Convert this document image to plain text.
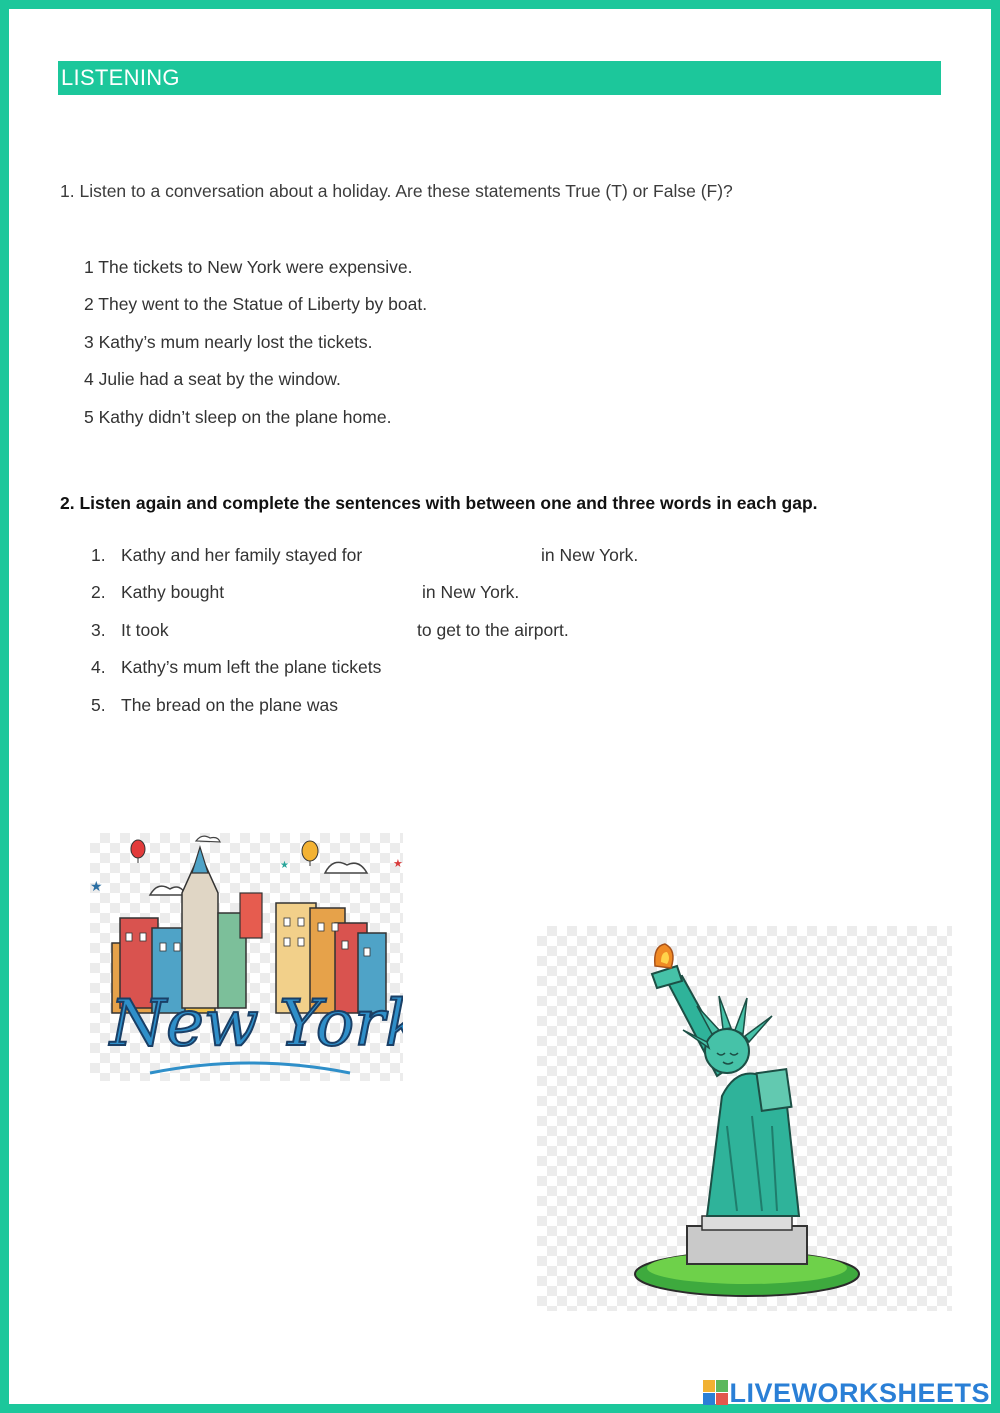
LISTENING
1. Listen to a conversation about a holiday. Are these statements True (T) or False (F)?
1 The tickets to New York were expensive.
2 They went to the Statue of Liberty by boat.
3 Kathy’s mum nearly lost the tickets.
4 Julie had a seat by the window.
5 Kathy didn’t sleep on the plane home.
2. Listen again and complete the sentences with between one and three words in each gap.
1. Kathy and her family stayed for	in New York.
2. Kathy bought	in New York.
3. It took	to get to the airport.
4. Kathy’s mum left the plane tickets
5. The bread on the plane was
★
★
★
New York
LIVEWORKSHEETS
